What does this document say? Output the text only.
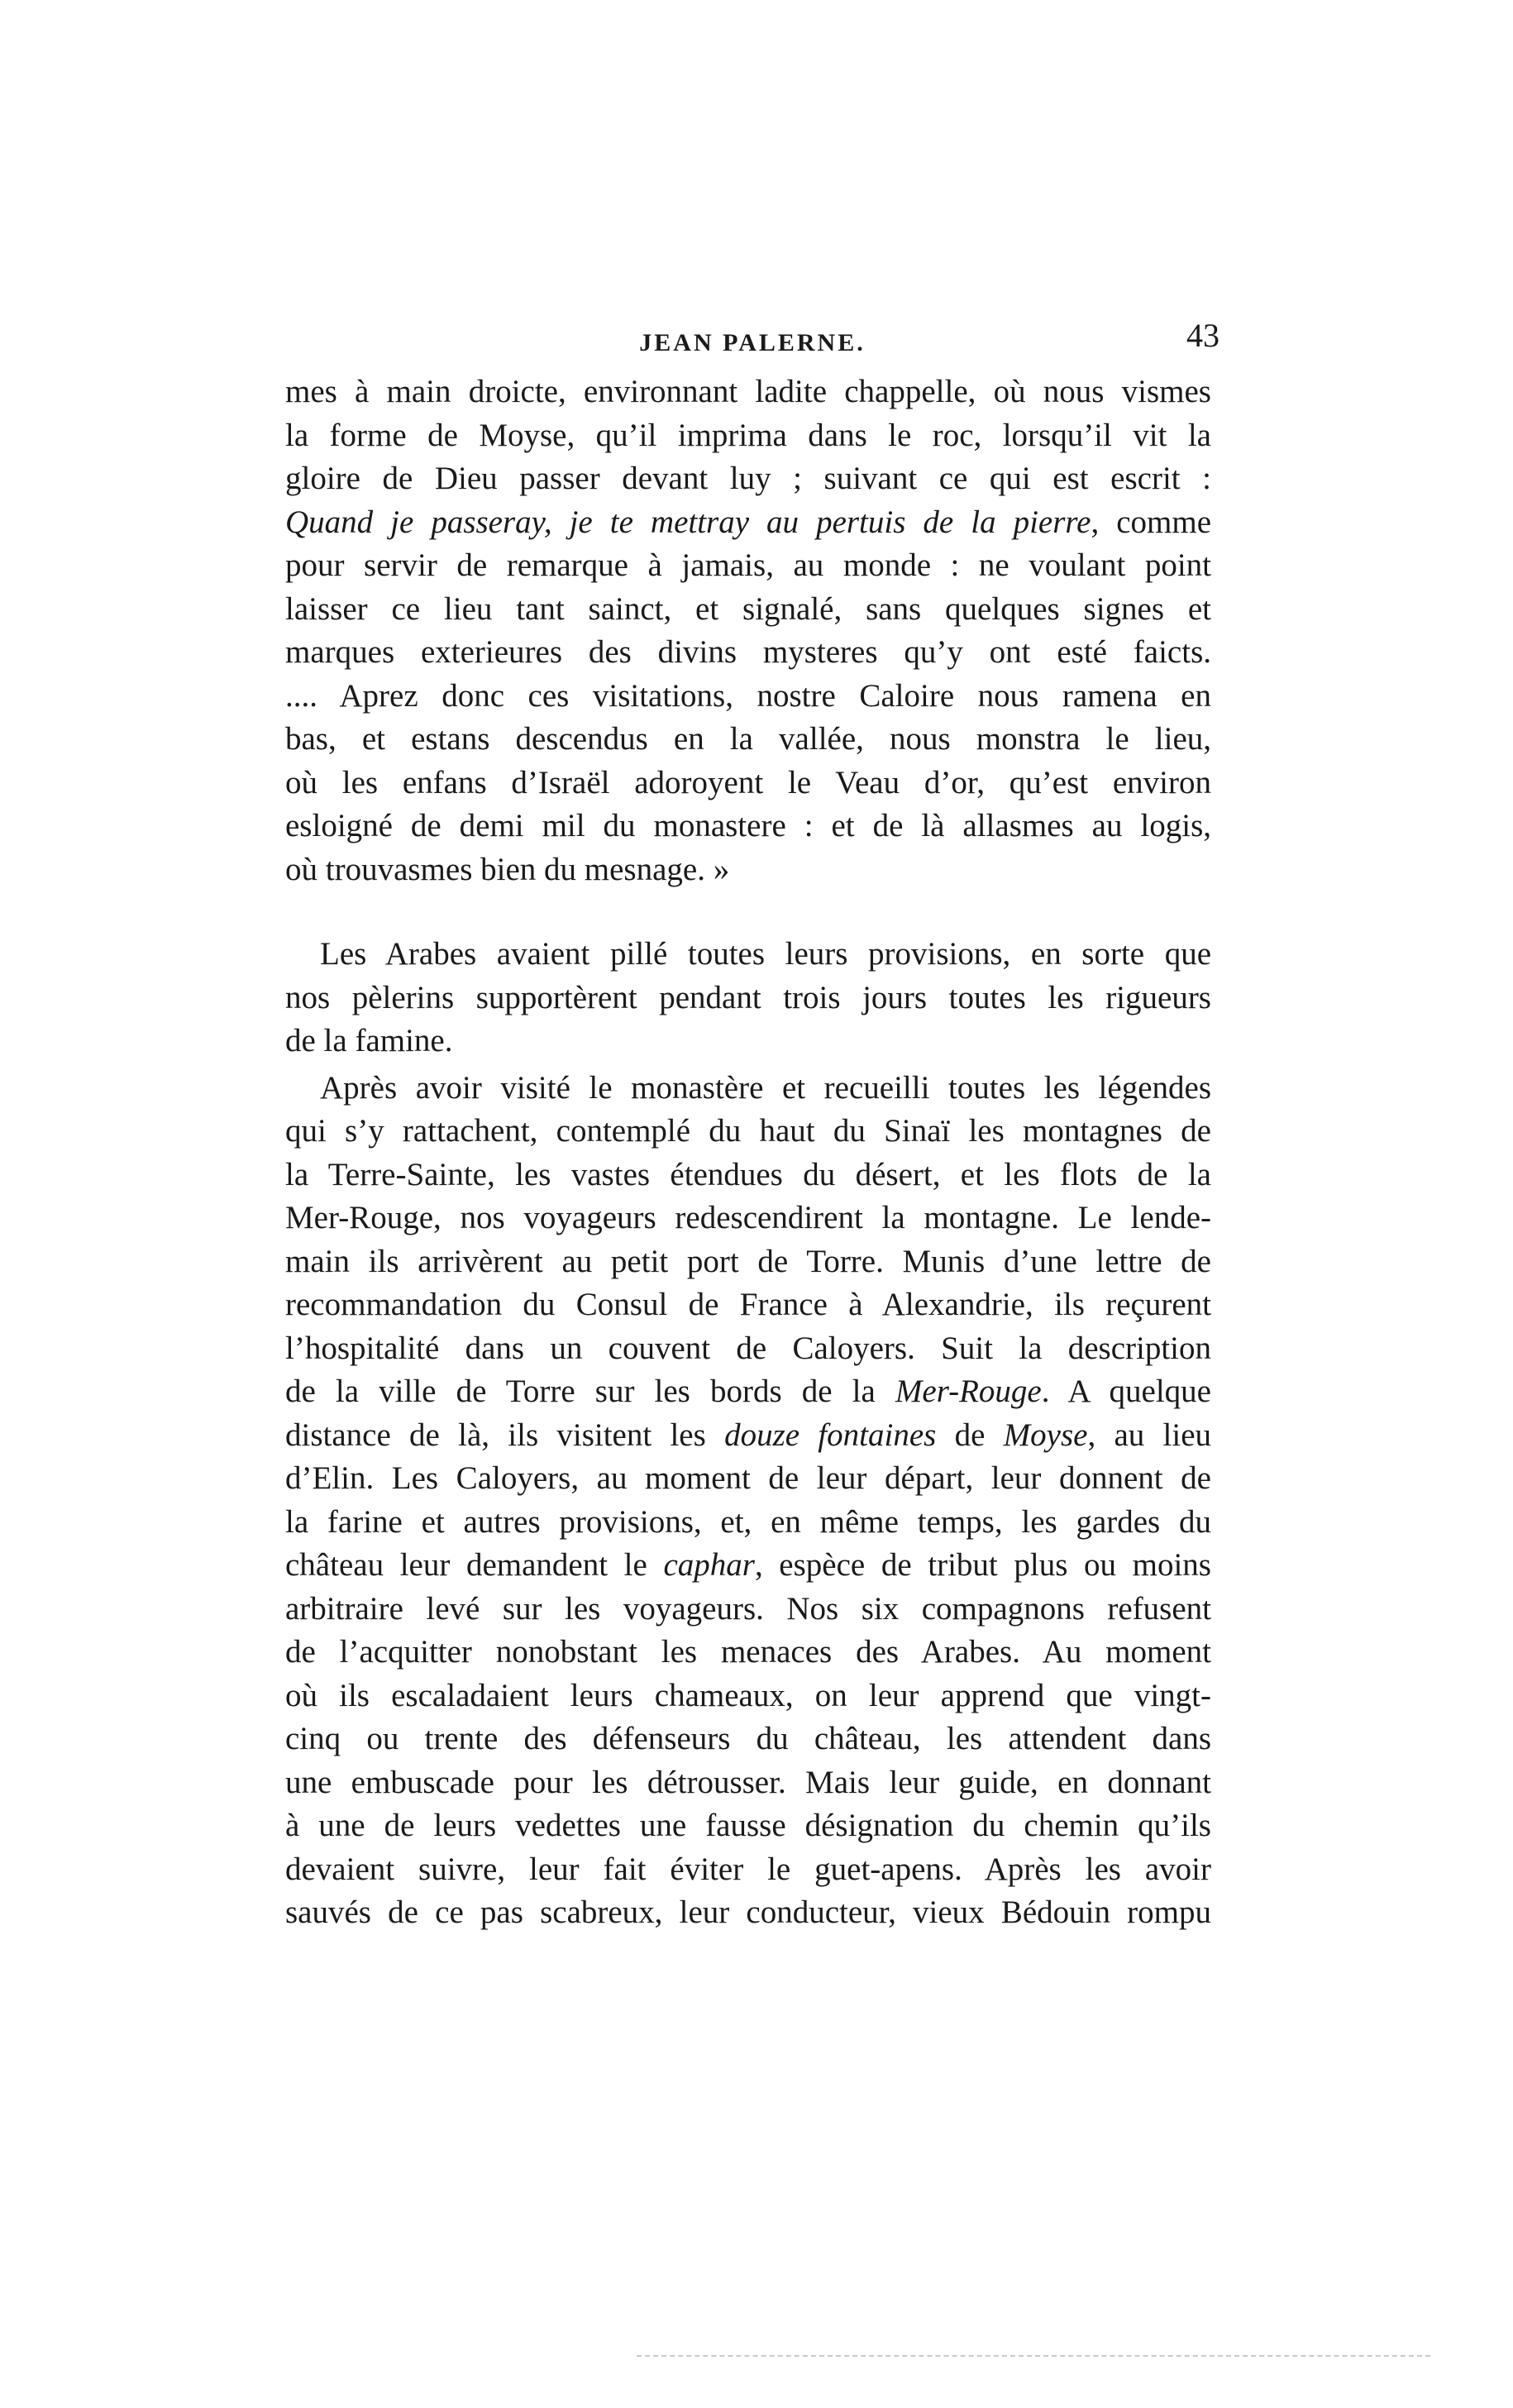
JEAN PALERNE.	43
mes à main droicte, environnant ladite chappelle, où nous vismes
la forme de Moyse, qu’il imprima dans le roc, lorsqu’il vit la
gloire de Dieu passer devant luy ; suivant ce qui est escrit :
Quand je passeray, je te mettray au pertuis de la pierre, comme
pour servir de remarque à jamais, au monde : ne voulant point
laisser ce lieu tant sainct, et signalé, sans quelques signes et
marques exterieures des divins mysteres qu’y ont esté faicts.
.... Aprez donc ces visitations, nostre Caloire nous ramena en
bas, et estans descendus en la vallée, nous monstra le lieu,
où les enfans d’Israël adoroyent le Veau d’or, qu’est environ
esloigné de demi mil du monastere : et de là allasmes au logis,
où trouvasmes bien du mesnage. »
Les Arabes avaient pillé toutes leurs provisions, en sorte que
nos pèlerins supportèrent pendant trois jours toutes les rigueurs
de la famine.
Après avoir visité le monastère et recueilli toutes les légendes
qui s’y rattachent, contemplé du haut du Sinaï les montagnes de
la Terre-Sainte, les vastes étendues du désert, et les flots de la
Mer-Rouge, nos voyageurs redescendirent la montagne. Le lende-
main ils arrivèrent au petit port de Torre. Munis d’une lettre de
recommandation du Consul de France à Alexandrie, ils reçurent
l’hospitalité dans un couvent de Caloyers. Suit la description
de la ville de Torre sur les bords de la Mer-Rouge. A quelque
distance de là, ils visitent les douze fontaines de Moyse, au lieu
d’Elin. Les Caloyers, au moment de leur départ, leur donnent de
la farine et autres provisions, et, en même temps, les gardes du
château leur demandent le caphar, espèce de tribut plus ou moins
arbitraire levé sur les voyageurs. Nos six compagnons refusent
de l’acquitter nonobstant les menaces des Arabes. Au moment
où ils escaladaient leurs chameaux, on leur apprend que vingt-
cinq ou trente des défenseurs du château, les attendent dans
une embuscade pour les détrousser. Mais leur guide, en donnant
à une de leurs vedettes une fausse désignation du chemin qu’ils
devaient suivre, leur fait éviter le guet-apens. Après les avoir
sauvés de ce pas scabreux, leur conducteur, vieux Bédouin rompu
